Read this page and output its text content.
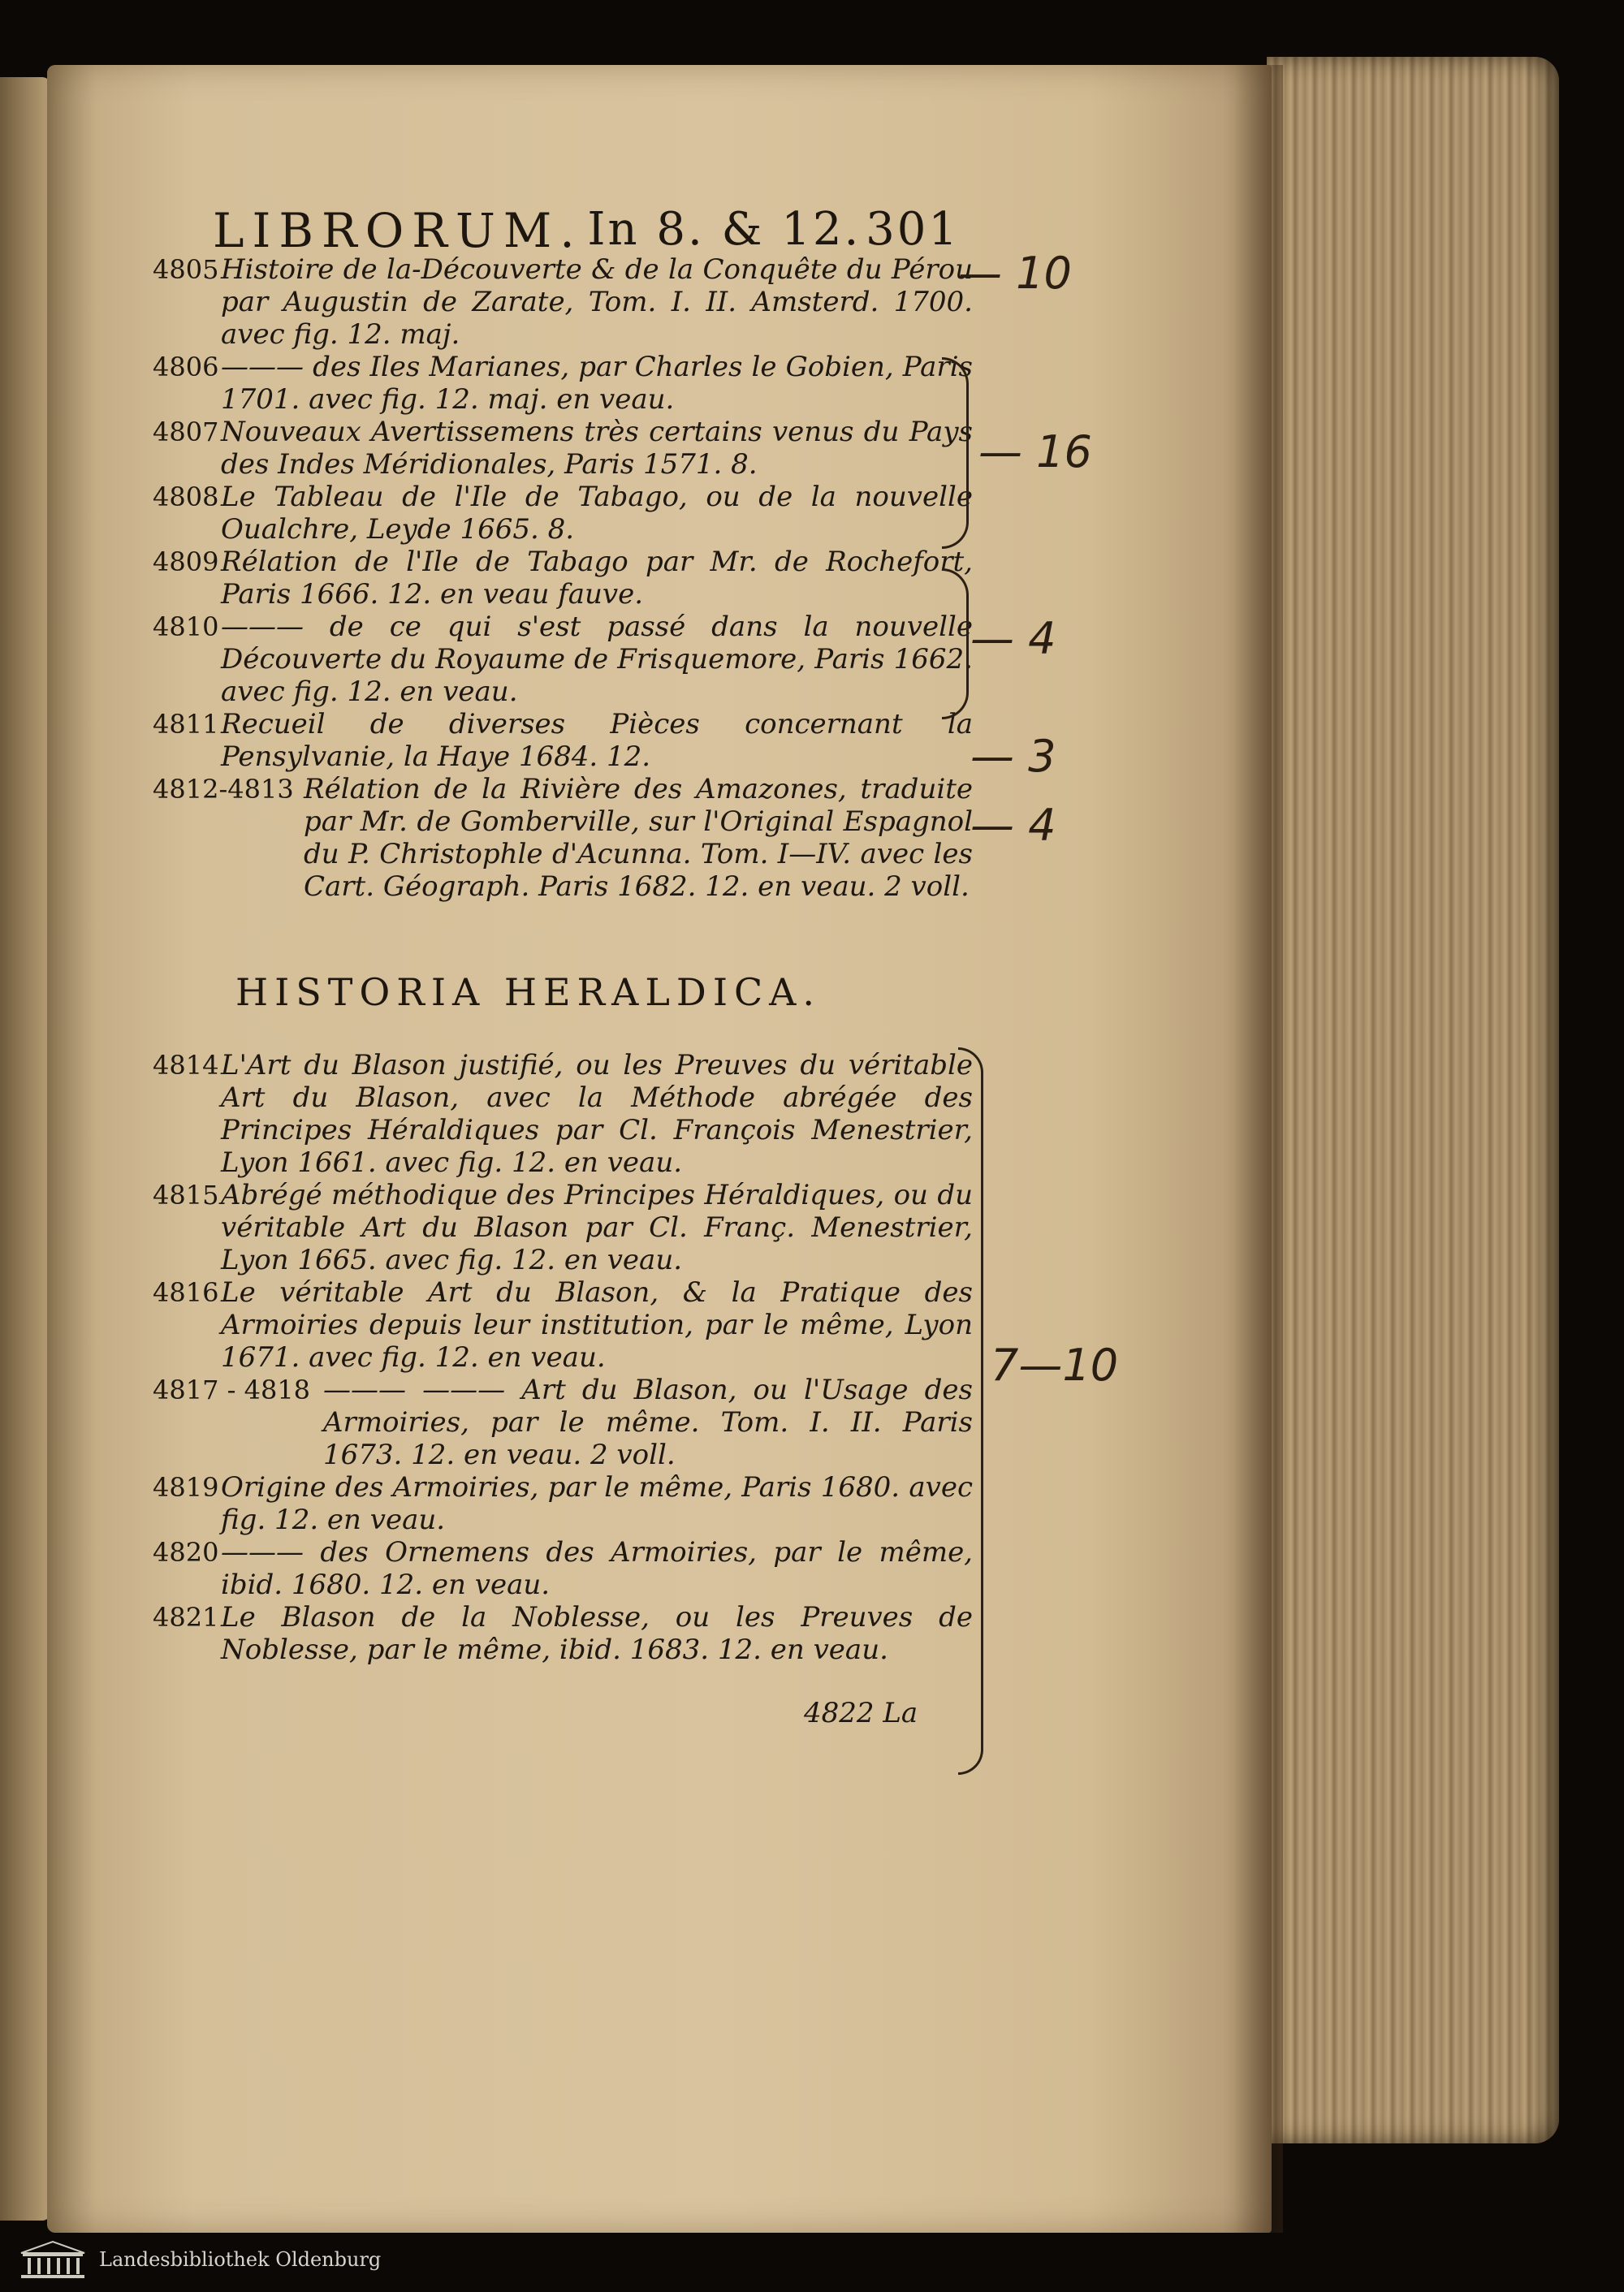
LIBRORUM. In 8. & 12. 301
4805 Histoire de la-Découverte & de la Conquête du Pérou par Augustin de Zarate, Tom. I. II. Amsterd. 1700. avec fig. 12. maj.
4806 ——— des Iles Marianes, par Charles le Gobien, Paris 1701. avec fig. 12. maj. en veau.
4807 Nouveaux Avertissemens très certains venus du Pays des Indes Méridionales, Paris 1571. 8.
4808 Le Tableau de l'Ile de Tabago, ou de la nouvelle Oualchre, Leyde 1665. 8.
4809 Rélation de l'Ile de Tabago par Mr. de Rochefort, Paris 1666. 12. en veau fauve.
4810 ——— de ce qui s'est passé dans la nouvelle Découverte du Royaume de Frisquemore, Paris 1662. avec fig. 12. en veau.
4811 Recueil de diverses Pièces concernant la Pensylvanie, la Haye 1684. 12.
4812-4813 Rélation de la Rivière des Amazones, traduite par Mr. de Gomberville, sur l'Original Espagnol du P. Christophle d'Acunna. Tom. I—IV. avec les Cart. Géograph. Paris 1682. 12. en veau. 2 voll.
HISTORIA HERALDICA.
4814 L'Art du Blason justifié, ou les Preuves du véritable Art du Blason, avec la Méthode abrégée des Principes Héraldiques par Cl. François Menestrier, Lyon 1661. avec fig. 12. en veau.
4815 Abrégé méthodique des Principes Héraldiques, ou du véritable Art du Blason par Cl. Franç. Menestrier, Lyon 1665. avec fig. 12. en veau.
4816 Le véritable Art du Blason, & la Pratique des Armoiries depuis leur institution, par le même, Lyon 1671. avec fig. 12. en veau.
4817 - 4818 ——— ——— Art du Blason, ou l'Usage des Armoiries, par le même. Tom. I. II. Paris 1673. 12. en veau. 2 voll.
4819 Origine des Armoiries, par le même, Paris 1680. avec fig. 12. en veau.
4820 ——— des Ornemens des Armoiries, par le même, ibid. 1680. 12. en veau.
4821 Le Blason de la Noblesse, ou les Preuves de Noblesse, par le même, ibid. 1683. 12. en veau.
4822 La
— 10
— 16
— 4
— 3
— 4
7—10
Landesbibliothek Oldenburg
